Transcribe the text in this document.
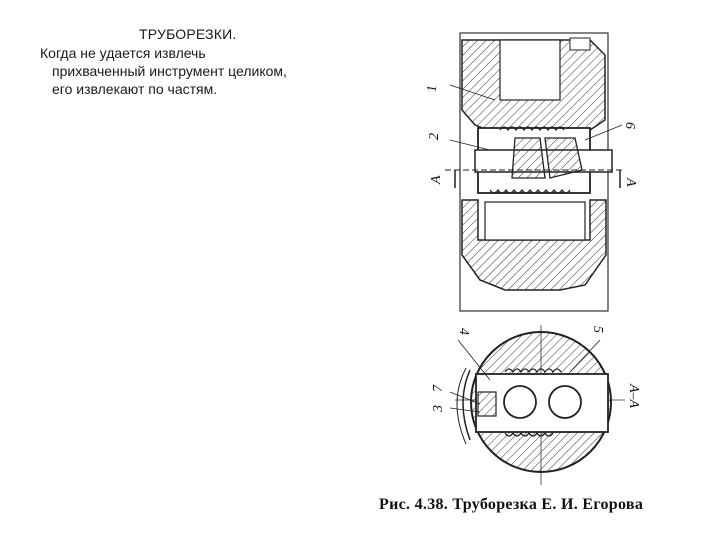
ТРУБОРЕЗКИ.
Когда не удается извлечь
прихваченный инструмент целиком,
его извлекают по частям.	1
2
6
А	А
4	5
7
3
А–А
Рис. 4.38. Труборезка Е. И. Егорова
